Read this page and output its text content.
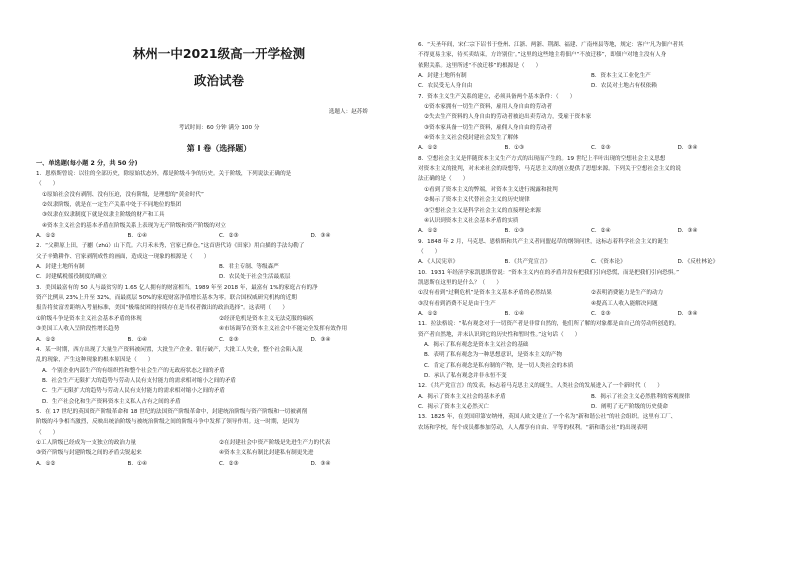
林州一中2021级高一开学检测
政治试卷
选题人：赵苏娇
考试时间：60 分钟 满分 100 分
第 I 卷（选择题）
一、单选题(每小题 2 分，共 50 分)
1．恩格斯曾说：以往的全部历史，除原始状态外，都是阶级斗争的历史。关于阶级，下列说法正确的是
（　　）
①原始社会没有剥削、没有压迫，没有阶级，是理想的“黄金时代”
②奴隶阶级，就是在一定生产关系中处于不同地位的集团
③奴隶在奴隶制度下就是奴隶主阶级的财产和工具
④资本主义社会的基本矛盾在阶级关系上表现为无产阶级和资产阶级的对立
A．①②	B．①④	C．②③	D．③④
2．“父耕原上田，子劚（zhú）山下荒。六月禾未秀，官家已修仓。”这首唐代诗《田家》用白描的手法勾勒了
父子辛勤耕作、官家剥削成性的画面，造成这一现象的根源是（　　）
A．封建土地所有制	B．君主专制、等级森严
C．封建赋税徭役制度的确立	D．农民处于社会生活最底层
3．美国最富有的 50 人与最贫穷的 1.65 亿人拥有的财富相当。1989 年至 2018 年，最富有 1%的家庭占有的净
资产比例从 23%上升至 32%，而最底层 50%的家庭财富净值增长基本为零。联合国权威研究机构的近期
报告将贫富差距纳入考量标准，美国“极端贫困的持续存在是当权者做出的政治选择”。这表明（　　）
①阶级斗争是资本主义社会基本矛盾的体现	②经济危机是资本主义无法克服的痼疾
③美国工人收入呈阶段性增长趋势	④市场调节在资本主义社会中不能完全发挥有效作用
A．①②	B．①④	C．②③	D．③④
4．某一时期，西方出现了大量生产资料被闲置，大批生产企业、银行破产，大批工人失业，整个社会陷入混
乱的现象，产生这种现象的根本原因是（　　）
A．个别企业内部生产的有组织性和整个社会生产的无政府状态之间的矛盾
B．社会生产无限扩大的趋势与劳动人民有支付能力的需求相对缩小之间的矛盾
C．生产无限扩大的趋势与劳动人民有支付能力的需求相对缩小之间的矛盾
D．生产社会化和生产资料资本主义私人占有之间的矛盾
5．在 17 世纪的英国资产阶级革命和 18 世纪的法国资产阶级革命中，封建统治阶级与资产阶级和一切被剥削
阶级的斗争相当激烈，反映出统治阶级与被统治阶级之间的阶级斗争中发挥了领导作用。这一时期，是因为
（　　）
①工人阶级已经成为一支独立的政治力量	②在封建社会中资产阶级是先进生产力的代表
③资产阶级与封建阶级之间的矛盾尖锐起来	④资本主义私有制比封建私有制更先进
A．①②	B．①④	C．②③	D．③④
6．“天圣年间，宋仁宗下诏书于登州、江浙、两浙、荆湖、福建、广南州县等地，规定：客户‘凡为佃户者其
不得更易主家，待买卖结束，方许别住’。”这里的这些地主将佃户“不放迁移”，即佃户对地主没有人身
依附关系。这里所述“不放迁移”的根源是（　　）
A．封建土地所有制	B．资本主义工业化生产
C．农民受无人身自由	D．农民对土地占有权依赖
7．资本主义生产关系的建立，必须具备两个基本条件：（　　）
①资本家拥有一切生产资料，雇用人身自由的劳动者
②失去生产资料的人身自由的劳动者被迫出卖劳动力，受雇于资本家
③资本家具备一切生产资料，雇佣人身自由的劳动者
④资本主义社会使封建社会发生了解体
A．①②	B．①③	C．②③	D．③④
8．空想社会主义是伴随资本主义生产方式的出现而产生的。19 世纪上半叶出现的空想社会主义思想
对资本主义的批判，对未来社会的设想等，马克思主义的创立提供了思想来源。下列关于空想社会主义的说
法正确的是（　　）
①看到了资本主义的弊端，对资本主义进行揭露和批判
②揭示了资本主义代替社会主义的历史规律
③空想社会主义是科学社会主义的直接理论来源
④认识到资本主义社会基本矛盾的实质
A．①②	B．①③	C．②④	D．③④
9．1848 年 2 月，马克思、恩格斯和共产主义者同盟起草的纲领问世，这标志着科学社会主义的诞生
（　　）
A．《人民宪章》	B．《共产党宣言》	C．《资本论》	D．《反杜林论》
10．1931 年经济学家凯恩斯曾说：“资本主义内在的矛盾并没有把我们引向恐慌，而是把我们引向恐惧。”
凯恩斯在这里的是什么？（　　）
①没有看到“过剩危机”是资本主义基本矛盾的必然结果	②表明消费能力是生产的动力
③没有看到消费不足是由于生产	④提高工人收入能解决问题
A．①②	B．①④	C．②③	D．③④
11．拉法格说：“私有观念对于一切资产者是非常自然的，他们所了解的对象都是由自己的劳动所创造的。
资产者自然地，并未认识到它的历史性和暂时性。”这句话（　　）
A．揭示了私有观念是资本主义社会的基础
B．表明了私有观念为一种思想意识，是资本主义的产物
C．肯定了私有观念是私有制的产物，是一切人类社会的本质
D．承认了私有观念并非永恒不变
12．《共产党宣言》的发表，标志着马克思主义的诞生，人类社会的发展进入了一个新时代（　　）
A．揭示了资本主义社会的基本矛盾	B．揭示了社会主义必然胜利的客观规律
C．揭示了资本主义必然灭亡	D．阐明了无产阶级的历史使命
13．1825 年，在美国印第安纳州，英国人欧文建立了一个名为“新和谐公社”的社会组织。这里有工厂、
农场和学校，每个成员都参加劳动，人人都享有自由、平等的权利。“新和谐公社”的出现表明
